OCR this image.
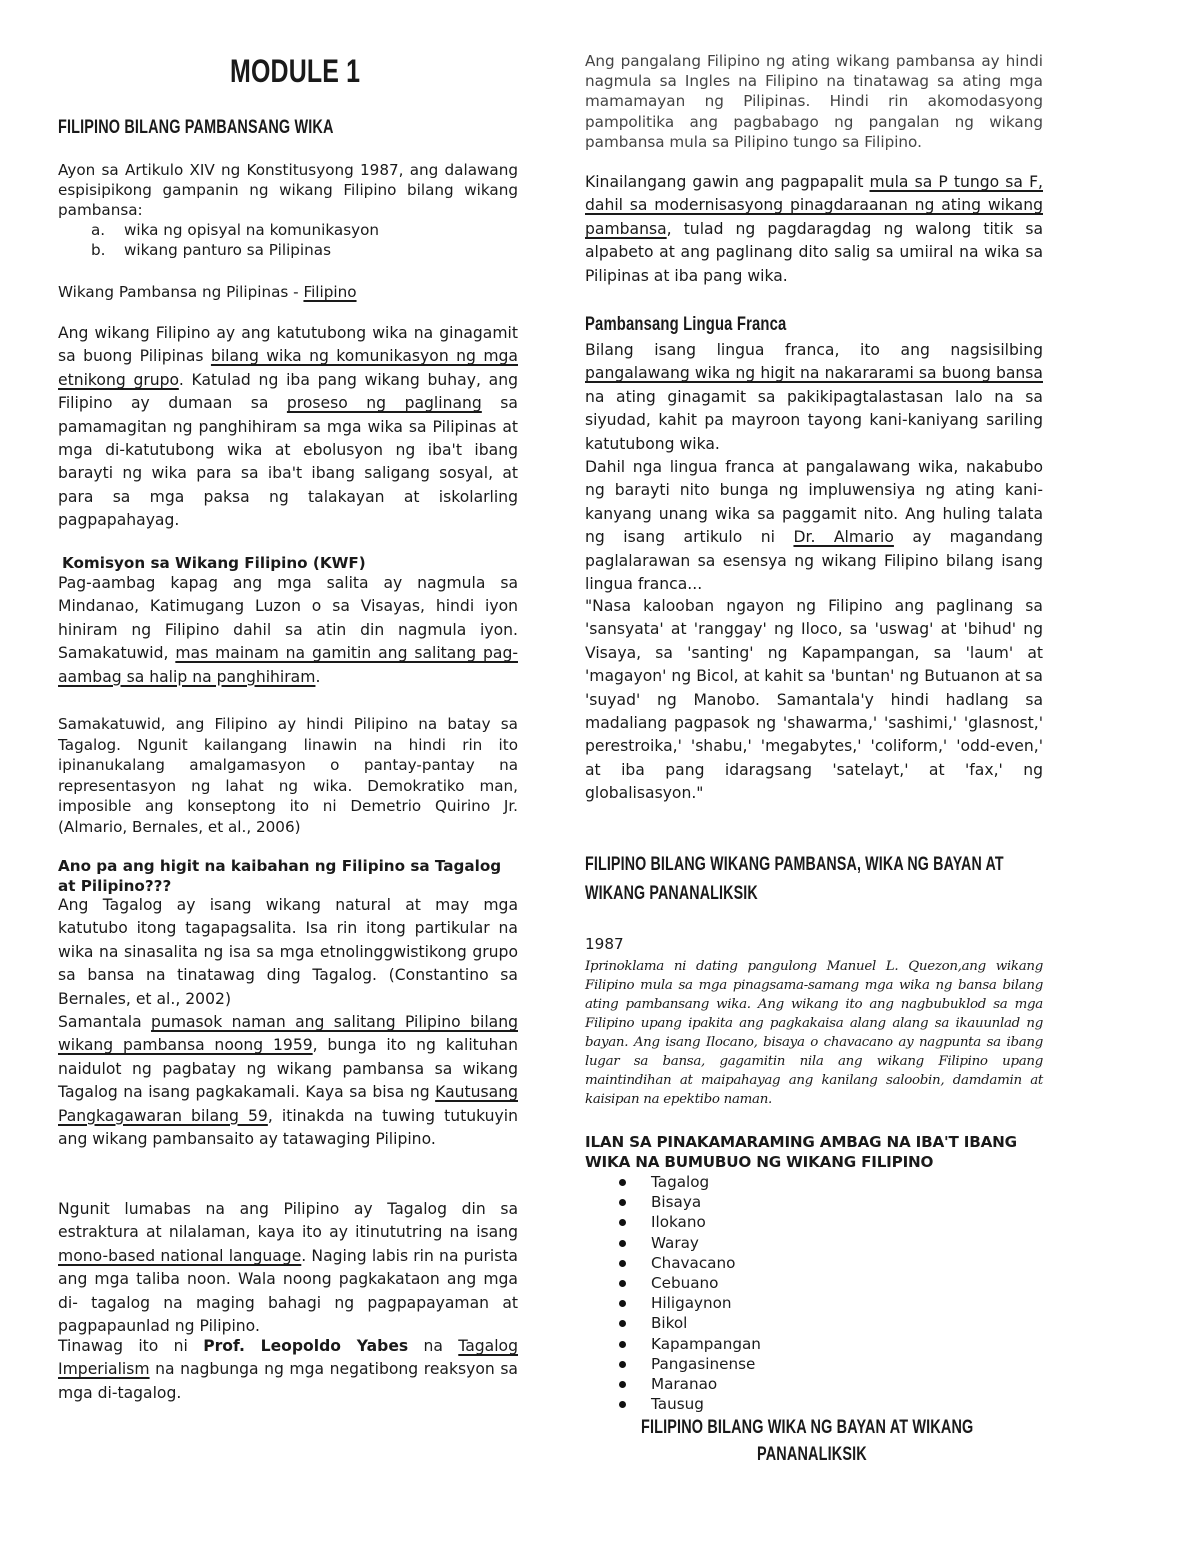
MODULE 1
FILIPINO BILANG PAMBANSANG WIKA

Ayon sa Artikulo XIV ng Konstitusyong 1987, ang dalawang espisipikong gampanin ng wikang Filipino bilang wikang pambansa:

a. wika ng opisyal na komunikasyon
b. wikang panturo sa Pilipinas

Wikang Pambansa ng Pilipinas - Filipino

Ang wikang Filipino ay ang katutubong wika na ginagamit sa buong Pilipinas bilang wika ng komunikasyon ng mga etnikong grupo. Katulad ng iba pang wikang buhay, ang Filipino ay dumaan sa proseso ng paglinang sa pamamagitan ng panghihiram sa mga wika sa Pilipinas at mga di-katutubong wika at ebolusyon ng iba't ibang barayti ng wika para sa iba't ibang saligang sosyal, at para sa mga paksa ng talakayan at iskolarling pagpapahayag.

Komisyon sa Wikang Filipino (KWF)

Pag-aambag kapag ang mga salita ay nagmula sa Mindanao, Katimugang Luzon o sa Visayas, hindi iyon hiniram ng Filipino dahil sa atin din nagmula iyon. Samakatuwid, mas mainam na gamitin ang salitang pag- aambag sa halip na panghihiram.

Samakatuwid, ang Filipino ay hindi Pilipino na batay sa Tagalog. Ngunit kailangang linawin na hindi rin ito ipinanukalang amalgamasyon o pantay-pantay na representasyon ng lahat ng wika. Demokratiko man, imposible ang konseptong ito ni Demetrio Quirino Jr. (Almario, Bernales, et al., 2006)

Ano pa ang higit na kaibahan ng Filipino sa Tagalog at Pilipino???

Ang Tagalog ay isang wikang natural at may mga katutubo itong tagapagsalita. Isa rin itong partikular na wika na sinasalita ng isa sa mga etnolinggwistikong grupo sa bansa na tinatawag ding Tagalog. (Constantino sa Bernales, et al., 2002)

Samantala pumasok naman ang salitang Pilipino bilang wikang pambansa noong 1959, bunga ito ng kalituhan naidulot ng pagbatay ng wikang pambansa sa wikang Tagalog na isang pagkakamali. Kaya sa bisa ng Kautusang Pangkagawaran bilang 59, itinakda na tuwing tutukuyin ang wikang pambansaito ay tatawaging Pilipino.

Ngunit lumabas na ang Pilipino ay Tagalog din sa estraktura at nilalaman, kaya ito ay itinututring na isang mono-based national language. Naging labis rin na purista ang mga taliba noon. Wala noong pagkakataon ang mga di- tagalog na maging bahagi ng pagpapayaman at pagpapaunlad ng Pilipino.

Tinawag ito ni Prof. Leopoldo Yabes na Tagalog Imperialism na nagbunga ng mga negatibong reaksyon sa mga di-tagalog.

Ang pangalang Filipino ng ating wikang pambansa ay hindi nagmula sa Ingles na Filipino na tinatawag sa ating mga mamamayan ng Pilipinas. Hindi rin akomodasyong pampolitika ang pagbabago ng pangalan ng wikang pambansa mula sa Pilipino tungo sa Filipino.

Kinailangang gawin ang pagpapalit mula sa P tungo sa F, dahil sa modernisasyong pinagdaraanan ng ating wikang pambansa, tulad ng pagdaragdag ng walong titik sa alpabeto at ang paglinang dito salig sa umiiral na wika sa Pilipinas at iba pang wika.

Pambansang Lingua Franca

Bilang isang lingua franca, ito ang nagsisilbing pangalawang wika ng higit na nakararami sa buong bansa na ating ginagamit sa pakikipagtalastasan lalo na sa siyudad, kahit pa mayroon tayong kani-kaniyang sariling katutubong wika.

Dahil nga lingua franca at pangalawang wika, nakabubo ng barayti nito bunga ng impluwensiya ng ating kani- kanyang unang wika sa paggamit nito. Ang huling talata ng isang artikulo ni Dr. Almario ay magandang paglalarawan sa esensya ng wikang Filipino bilang isang lingua franca...

"Nasa kalooban ngayon ng Filipino ang paglinang sa 'sansyata' at 'ranggay' ng Iloco, sa 'uswag' at 'bihud' ng Visaya, sa 'santing' ng Kapampangan, sa 'laum' at 'magayon' ng Bicol, at kahit sa 'buntan' ng Butuanon at sa 'suyad' ng Manobo. Samantala'y hindi hadlang sa madaliang pagpasok ng 'shawarma,' 'sashimi,' 'glasnost,' perestroika,' 'shabu,' 'megabytes,' 'coliform,' 'odd-even,' at iba pang idaragsang 'satelayt,' at 'fax,' ng globalisasyon."

FILIPINO BILANG WIKANG PAMBANSA, WIKA NG BAYAN AT
WIKANG PANANALIKSIK

1987

Iprinoklama ni dating pangulong Manuel L. Quezon,ang wikang Filipino mula sa mga pinagsama-samang mga wika ng bansa bilang ating pambansang wika. Ang wikang ito ang nagbubuklod sa mga Filipino upang ipakita ang pagkakaisa alang alang sa ikauunlad ng bayan. Ang isang Ilocano, bisaya o chavacano ay nagpunta sa ibang lugar sa bansa, gagamitin nila ang wikang Filipino upang maintindihan at maipahayag ang kanilang saloobin, damdamin at kaisipan na epektibo naman.

ILAN SA PINAKAMARAMING AMBAG NA IBA'T IBANG WIKA NA BUMUBUO NG WIKANG FILIPINO

Tagalog
Bisaya
Ilokano
Waray
Chavacano
Cebuano
Hiligaynon
Bikol
Kapampangan
Pangasinense
Maranao
Tausug
FILIPINO BILANG WIKA NG BAYAN AT WIKANG
PANANALIKSIK
